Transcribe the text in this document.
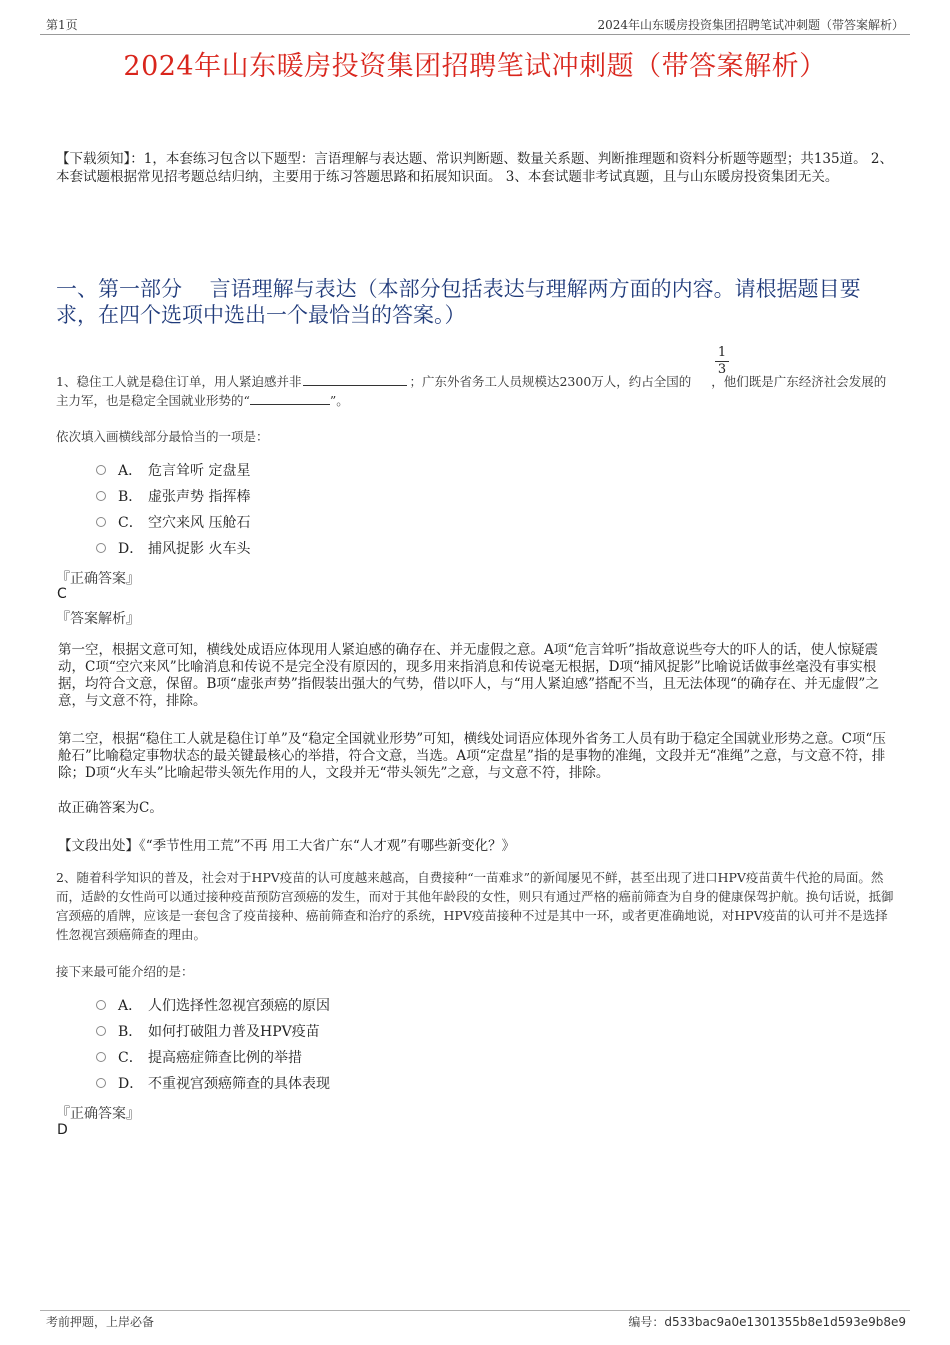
第1页	2024年山东暖房投资集团招聘笔试冲刺题（带答案解析）
2024年山东暖房投资集团招聘笔试冲刺题（带答案解析）
【下载须知】：1，本套练习包含以下题型：言语理解与表达题、常识判断题、数量关系题、判断推理题和资料分析题等题型；共135道。 2、本套试题根据常见招考题总结归纳，主要用于练习答题思路和拓展知识面。 3、本套试题非考试真题，且与山东暖房投资集团无关。
一、第一部分　 言语理解与表达（本部分包括表达与理解两方面的内容。请根据题目要求，在四个选项中选出一个最恰当的答案。）
$\frac{1}{3}$
1、稳住工人就是稳住订单，用人紧迫感并非	；广东外省务工人员规模达2300万人，约占全国的 ，他们既是广东经济社会发展的主力军，也是稳定全国就业形势的“	”。
依次填入画横线部分最恰当的一项是：
A． 危言耸听 定盘星
B． 虚张声势 指挥棒
C． 空穴来风 压舱石
D． 捕风捉影 火车头
『正确答案』
C
『答案解析』
第一空，根据文意可知，横线处成语应体现用人紧迫感的确存在、并无虚假之意。A项“危言耸听”指故意说些夸大的吓人的话，使人惊疑震动，C项“空穴来风”比喻消息和传说不是完全没有原因的，现多用来指消息和传说毫无根据，D项“捕风捉影”比喻说话做事丝毫没有事实根据，均符合文意，保留。B项“虚张声势”指假装出强大的气势，借以吓人，与“用人紧迫感”搭配不当，且无法体现“的确存在、并无虚假”之意，与文意不符，排除。
第二空，根据“稳住工人就是稳住订单”及“稳定全国就业形势”可知，横线处词语应体现外省务工人员有助于稳定全国就业形势之意。C项“压舱石”比喻稳定事物状态的最关键最核心的举措，符合文意，当选。A项“定盘星”指的是事物的准绳，文段并无“准绳”之意，与文意不符，排除；D项“火车头”比喻起带头领先作用的人，文段并无“带头领先”之意，与文意不符，排除。
故正确答案为C。
【文段出处】《“季节性用工荒”不再 用工大省广东“人才观”有哪些新变化？》
2、随着科学知识的普及，社会对于HPV疫苗的认可度越来越高，自费接种“一苗难求”的新闻屡见不鲜，甚至出现了进口HPV疫苗黄牛代抢的局面。然而，适龄的女性尚可以通过接种疫苗预防宫颈癌的发生，而对于其他年龄段的女性，则只有通过严格的癌前筛查为自身的健康保驾护航。换句话说，抵御宫颈癌的盾牌，应该是一套包含了疫苗接种、癌前筛查和治疗的系统，HPV疫苗接种不过是其中一环，或者更准确地说，对HPV疫苗的认可并不是选择性忽视宫颈癌筛查的理由。
接下来最可能介绍的是：
A． 人们选择性忽视宫颈癌的原因
B． 如何打破阻力普及HPV疫苗
C． 提高癌症筛查比例的举措
D． 不重视宫颈癌筛查的具体表现
『正确答案』
D
考前押题，上岸必备	编号：d533bac9a0e1301355b8e1d593e9b8e9
